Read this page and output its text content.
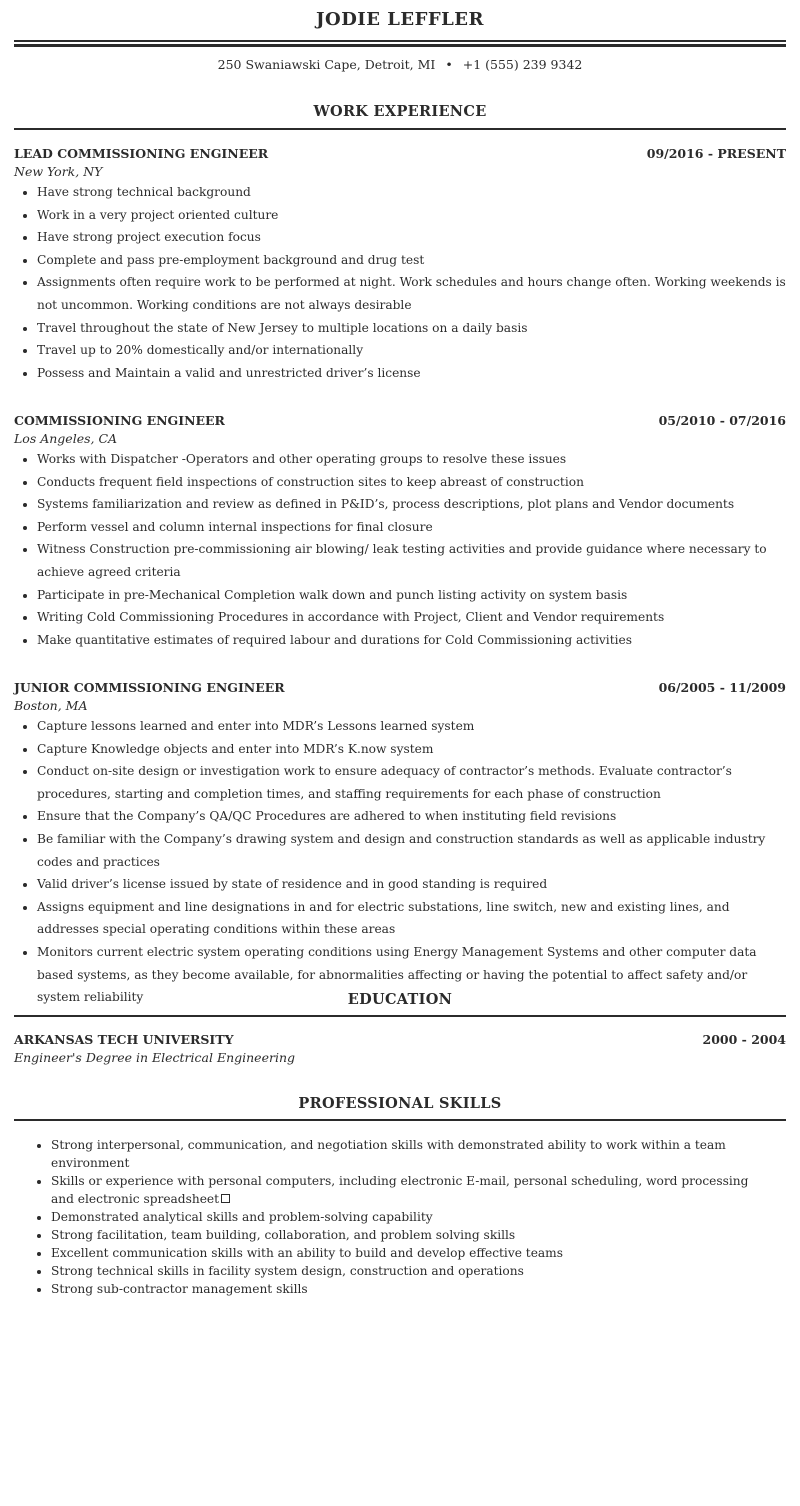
JODIE LEFFLER
250 Swaniawski Cape, Detroit, MI • +1 (555) 239 9342
WORK EXPERIENCE
LEAD COMMISSIONING ENGINEER	09/2016 - PRESENT
New York, NY
• Have strong technical background
• Work in a very project oriented culture
• Have strong project execution focus
• Complete and pass pre-employment background and drug test
• Assignments often require work to be performed at night. Work schedules and hours change often. Working weekends is not uncommon. Working conditions are not always desirable
• Travel throughout the state of New Jersey to multiple locations on a daily basis
• Travel up to 20% domestically and/or internationally
• Possess and Maintain a valid and unrestricted driver’s license
COMMISSIONING ENGINEER	05/2010 - 07/2016
Los Angeles, CA
• Works with Dispatcher -Operators and other operating groups to resolve these issues
• Conducts frequent field inspections of construction sites to keep abreast of construction
• Systems familiarization and review as defined in P&ID’s, process descriptions, plot plans and Vendor documents
• Perform vessel and column internal inspections for final closure
• Witness Construction pre-commissioning air blowing/ leak testing activities and provide guidance where necessary to achieve agreed criteria
• Participate in pre-Mechanical Completion walk down and punch listing activity on system basis
• Writing Cold Commissioning Procedures in accordance with Project, Client and Vendor requirements
• Make quantitative estimates of required labour and durations for Cold Commissioning activities
JUNIOR COMMISSIONING ENGINEER	06/2005 - 11/2009
Boston, MA
• Capture lessons learned and enter into MDR’s Lessons learned system
• Capture Knowledge objects and enter into MDR’s K.now system
• Conduct on-site design or investigation work to ensure adequacy of contractor’s methods. Evaluate contractor’s procedures, starting and completion times, and staffing requirements for each phase of construction
• Ensure that the Company’s QA/QC Procedures are adhered to when instituting field revisions
• Be familiar with the Company’s drawing system and design and construction standards as well as applicable industry codes and practices
• Valid driver’s license issued by state of residence and in good standing is required
• Assigns equipment and line designations in and for electric substations, line switch, new and existing lines, and addresses special operating conditions within these areas
• Monitors current electric system operating conditions using Energy Management Systems and other computer data based systems, as they become available, for abnormalities affecting or having the potential to affect safety and/or system reliability	EDUCATION
ARKANSAS TECH UNIVERSITY	2000 - 2004
Engineer's Degree in Electrical Engineering
PROFESSIONAL SKILLS
• Strong interpersonal, communication, and negotiation skills with demonstrated ability to work within a team environment
• Skills or experience with personal computers, including electronic E-mail, personal scheduling, word processing and electronic spreadsheet
• Demonstrated analytical skills and problem-solving capability
• Strong facilitation, team building, collaboration, and problem solving skills
• Excellent communication skills with an ability to build and develop effective teams
• Strong technical skills in facility system design, construction and operations
• Strong sub-contractor management skills
